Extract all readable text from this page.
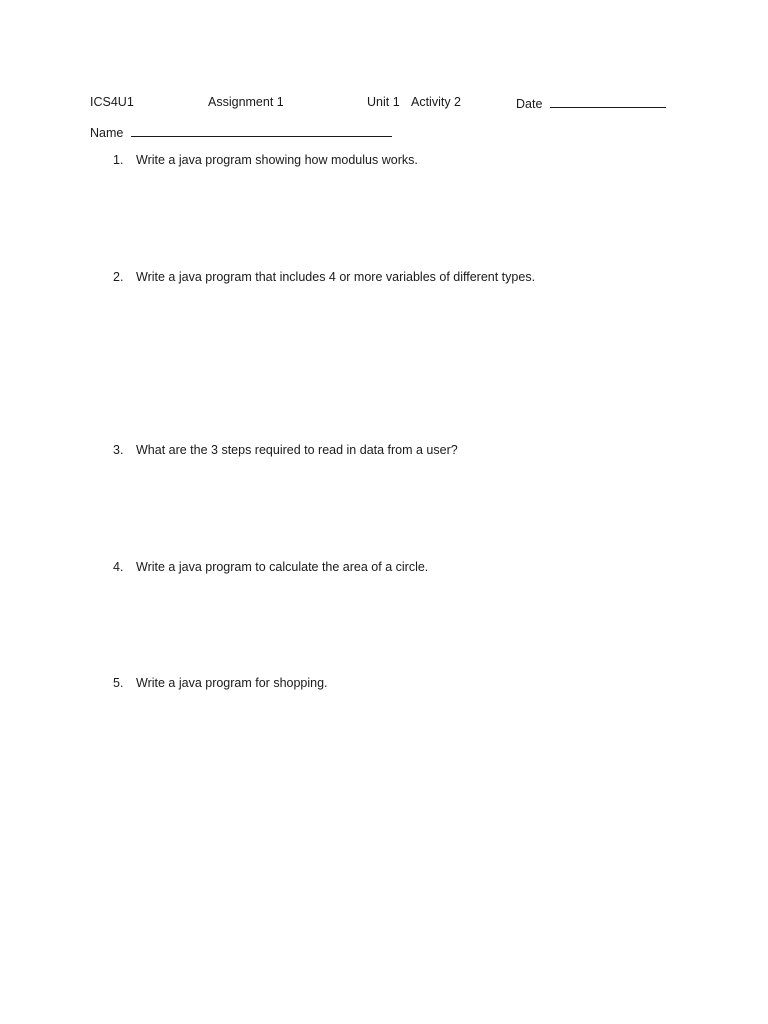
ICS4U1	Assignment 1	Unit 1 Activity 2	Date
Name
1. Write a java program showing how modulus works.
2. Write a java program that includes 4 or more variables of different types.
3. What are the 3 steps required to read in data from a user?
4. Write a java program to calculate the area of a circle.
5. Write a java program for shopping.
